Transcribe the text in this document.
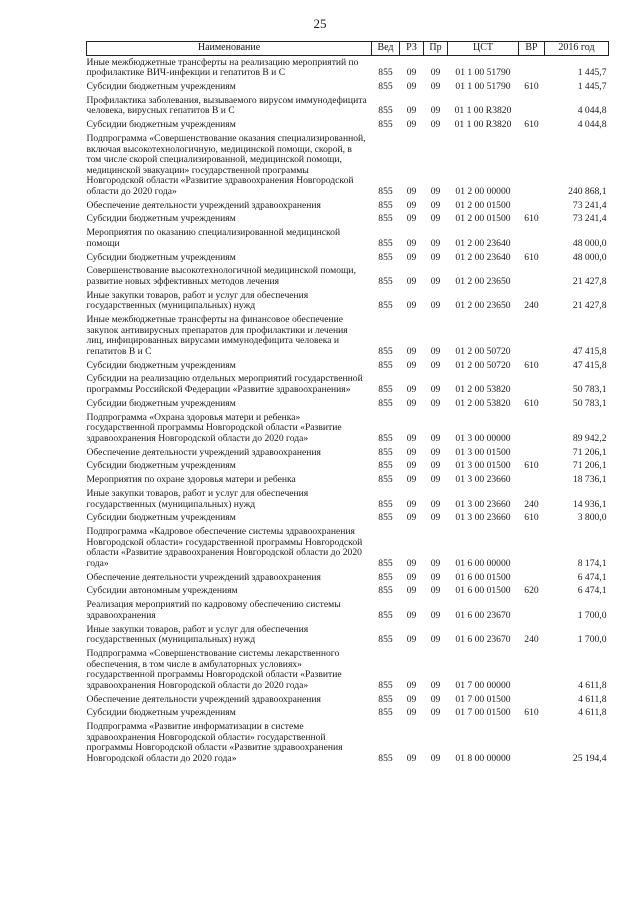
25
Наименование	Вед	РЗ	Пр	ЦСТ	ВР	2016 год
Иные межбюджетные трансферты на реализацию мероприятий по профилактике ВИЧ-инфекции и гепатитов В и С	855	09	09	01 1 00 51790		1 445,7
Субсидии бюджетным учреждениям	855	09	09	01 1 00 51790	610	1 445,7
Профилактика заболевания, вызываемого вирусом иммунодефицита человека, вирусных гепатитов В и С	855	09	09	01 1 00 R3820		4 044,8
Субсидии бюджетным учреждениям	855	09	09	01 1 00 R3820	610	4 044,8
Подпрограмма «Совершенствование оказания специализированной, включая высокотехнологичную, медицинской помощи, скорой, в том числе скорой специализированной, медицинской помощи, медицинской эвакуации» государственной программы Новгородской области «Развитие здравоохранения Новгородской области до 2020 года»	855	09	09	01 2 00 00000		240 868,1
Обеспечение деятельности учреждений здравоохранения	855	09	09	01 2 00 01500		73 241,4
Субсидии бюджетным учреждениям	855	09	09	01 2 00 01500	610	73 241,4
Мероприятия по оказанию специализированной медицинской помощи	855	09	09	01 2 00 23640		48 000,0
Субсидии бюджетным учреждениям	855	09	09	01 2 00 23640	610	48 000,0
Совершенствование высокотехнологичной медицинской помощи, развитие новых эффективных методов лечения	855	09	09	01 2 00 23650		21 427,8
Иные закупки товаров, работ и услуг для обеспечения государственных (муниципальных) нужд	855	09	09	01 2 00 23650	240	21 427,8
Иные межбюджетные трансферты на финансовое обеспечение закупок антивирусных препаратов для профилактики и лечения лиц, инфицированных вирусами иммунодефицита человека и гепатитов В и С	855	09	09	01 2 00 50720		47 415,8
Субсидии бюджетным учреждениям	855	09	09	01 2 00 50720	610	47 415,8
Субсидии на реализацию отдельных мероприятий государственной программы Российской Федерации «Развитие здравоохранения»	855	09	09	01 2 00 53820		50 783,1
Субсидии бюджетным учреждениям	855	09	09	01 2 00 53820	610	50 783,1
Подпрограмма «Охрана здоровья матери и ребенка» государственной программы Новгородской области «Развитие здравоохранения Новгородской области до 2020 года»	855	09	09	01 3 00 00000		89 942,2
Обеспечение деятельности учреждений здравоохранения	855	09	09	01 3 00 01500		71 206,1
Субсидии бюджетным учреждениям	855	09	09	01 3 00 01500	610	71 206,1
Мероприятия по охране здоровья матери и ребенка	855	09	09	01 3 00 23660		18 736,1
Иные закупки товаров, работ и услуг для обеспечения государственных (муниципальных) нужд	855	09	09	01 3 00 23660	240	14 936,1
Субсидии бюджетным учреждениям	855	09	09	01 3 00 23660	610	3 800,0
Подпрограмма «Кадровое обеспечение системы здравоохранения Новгородской области» государственной программы Новгородской области «Развитие здравоохранения Новгородской области до 2020 года»	855	09	09	01 6 00 00000		8 174,1
Обеспечение деятельности учреждений здравоохранения	855	09	09	01 6 00 01500		6 474,1
Субсидии автономным учреждениям	855	09	09	01 6 00 01500	620	6 474,1
Реализация мероприятий по кадровому обеспечению системы здравоохранения	855	09	09	01 6 00 23670		1 700,0
Иные закупки товаров, работ и услуг для обеспечения государственных (муниципальных) нужд	855	09	09	01 6 00 23670	240	1 700,0
Подпрограмма «Совершенствование системы лекарственного обеспечения, в том числе в амбулаторных условиях» государственной программы Новгородской области «Развитие здравоохранения Новгородской области до 2020 года»	855	09	09	01 7 00 00000		4 611,8
Обеспечение деятельности учреждений здравоохранения	855	09	09	01 7 00 01500		4 611,8
Субсидии бюджетным учреждениям	855	09	09	01 7 00 01500	610	4 611,8
Подпрограмма «Развитие информатизации в системе здравоохранения Новгородской области» государственной программы Новгородской области «Развитие здравоохранения Новгородской области до 2020 года»	855	09	09	01 8 00 00000		25 194,4
